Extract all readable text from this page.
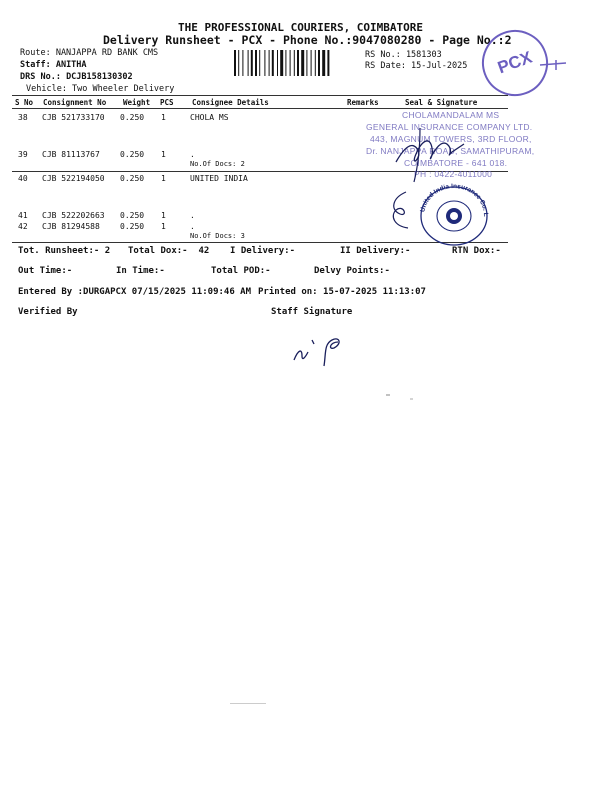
THE PROFESSIONAL COURIERS, COIMBATORE
Delivery Runsheet - PCX - Phone No.:9047080280 - Page No.:2
Route: NANJAPPA RD BANK CMS
Staff: ANITHA
DRS No.: DCJB158130302
Vehicle: Two Wheeler Delivery
RS No.: 1581303
RS Date: 15-Jul-2025 PCX
S No Consignment No Weight PCS Consignee Details	Remarks	Seal & Signature
38 CJB 521733170 0.250 1	CHOLA MS
39 CJB 81113767	0.250 1	.
No.Of Docs: 2
40 CJB 522194050 0.250 1	UNITED INDIA
41 CJB 522202663 0.250 1	.
42 CJB 81294588	0.250 1	.
No.Of Docs: 3
CHOLAMANDALAM MS
GENERAL INSURANCE COMPANY LTD.
443, MAGNUM TOWERS, 3RD FLOOR,
Dr. NANJAPPA ROAD, SAMATHIPURAM,
COIMBATORE - 641 018.
PH : 0422-4011000
United India Insurance Co. L
Tot. Runsheet:- 2 Total Dox:-  42 I Delivery:-	II Delivery:-	RTN Dox:-
Out Time:-	In Time:-	Total POD:-	Delvy Points:-
Entered By :DURGAPCX 07/15/2025 11:09:46 AM Printed on: 15-07-2025 11:13:07
Verified By	Staff Signature
